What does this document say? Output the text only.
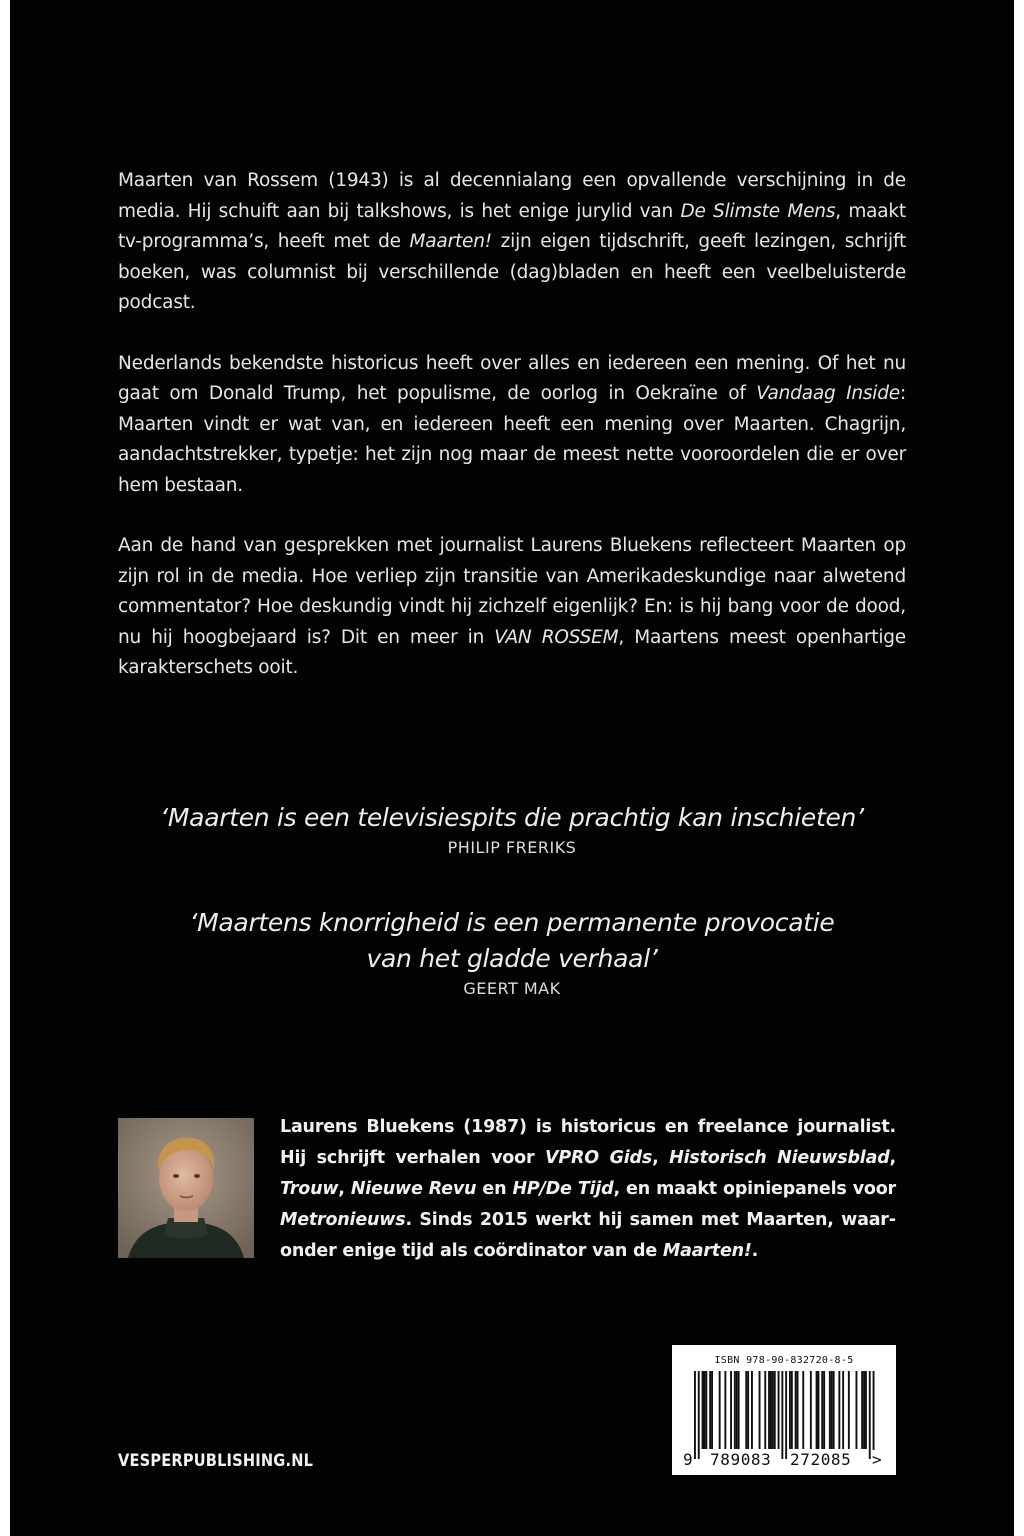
Maarten van Rossem (1943) is al decennialang een opvallende verschijning in de media. Hij schuift aan bij talkshows, is het enige jurylid van De Slimste Mens, maakt tv-programma’s, heeft met de Maarten! zijn eigen tijdschrift, geeft lezingen, schrijft boeken, was columnist bij verschillende (dag)bladen en heeft een veelbeluisterde podcast.

Nederlands bekendste historicus heeft over alles en iedereen een mening. Of het nu gaat om Donald Trump, het populisme, de oorlog in Oekraïne of Vandaag Inside: Maarten vindt er wat van, en iedereen heeft een mening over Maarten. Chagrijn, aandachtstrekker, typetje: het zijn nog maar de meest nette vooroordelen die er over hem bestaan.

Aan de hand van gesprekken met journalist Laurens Bluekens reflecteert Maarten op zijn rol in de media. Hoe verliep zijn transitie van Amerikadeskundige naar alwetend commentator? Hoe deskundig vindt hij zichzelf eigenlijk? En: is hij bang voor de dood, nu hij hoogbejaard is? Dit en meer in VAN ROSSEM, Maartens meest openhartige karakterschets ooit.

‘Maarten is een televisiespits die prachtig kan inschieten’
PHILIP FRERIKS
‘Maartens knorrigheid is een permanente provocatie
van het gladde verhaal’
GEERT MAK

Laurens Bluekens (1987) is historicus en freelance journalist. Hij schrijft verhalen voor VPRO Gids, Historisch Nieuwsblad, Trouw, Nieuwe Revu en HP/De Tijd, en maakt opiniepanels voor Metronieuws. Sinds 2015 werkt hij samen met Maarten, waaronder enige tijd als coördinator van de Maarten!.

VESPERPUBLISHING.NL
ISBN 978-90-832720-8-5
9 789083 272085 >
